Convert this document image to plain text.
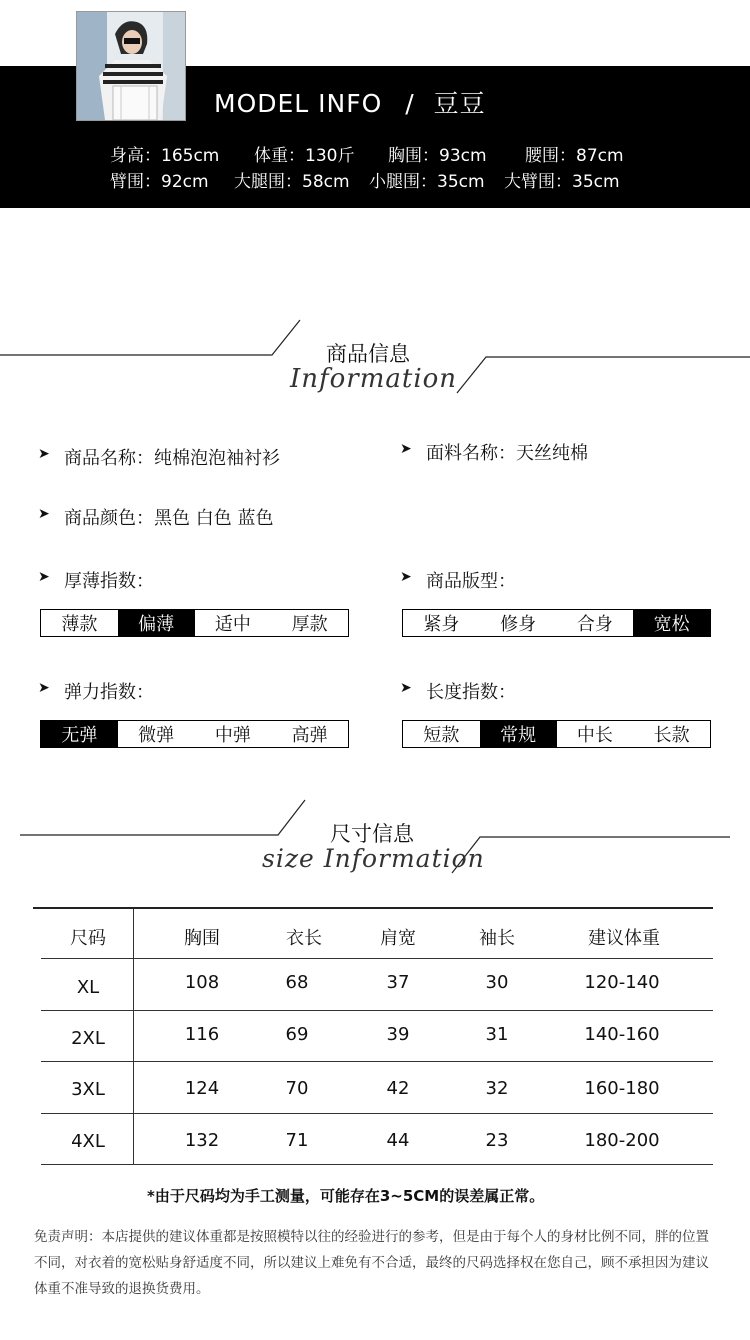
MODEL INFO / 豆豆
身高：165cm 体重：130斤 胸围：93cm 腰围：87cm
臂围：92cm 大腿围：58cm 小腿围：35cm 大臂围：35cm
商品信息
Information
➤ 商品名称：纯棉泡泡袖衬衫	➤ 面料名称：天丝纯棉
➤ 商品颜色：黑色 白色 蓝色
➤ 厚薄指数：	➤ 商品版型：
薄款	偏薄	适中	厚款	紧身	修身	合身	宽松
➤ 弹力指数：	➤ 长度指数：
无弹	微弹	中弹	高弹	短款	常规	中长	长款
尺寸信息
size Information
尺码	胸围	衣长	肩宽	袖长	建议体重
XL	108	68	37	30	120-140
2XL	116	69	39	31	140-160
3XL	124	70	42	32	160-180
4XL	132	71	44	23	180-200
*由于尺码均为手工测量，可能存在3~5CM的误差属正常。
免责声明：本店提供的建议体重都是按照模特以往的经验进行的参考，但是由于每个人的身材比例不同，胖的位置 不同，对衣着的宽松贴身舒适度不同，所以建议上难免有不合适，最终的尺码选择权在您自己，顾不承担因为建议体重不准导致的退换货费用。
